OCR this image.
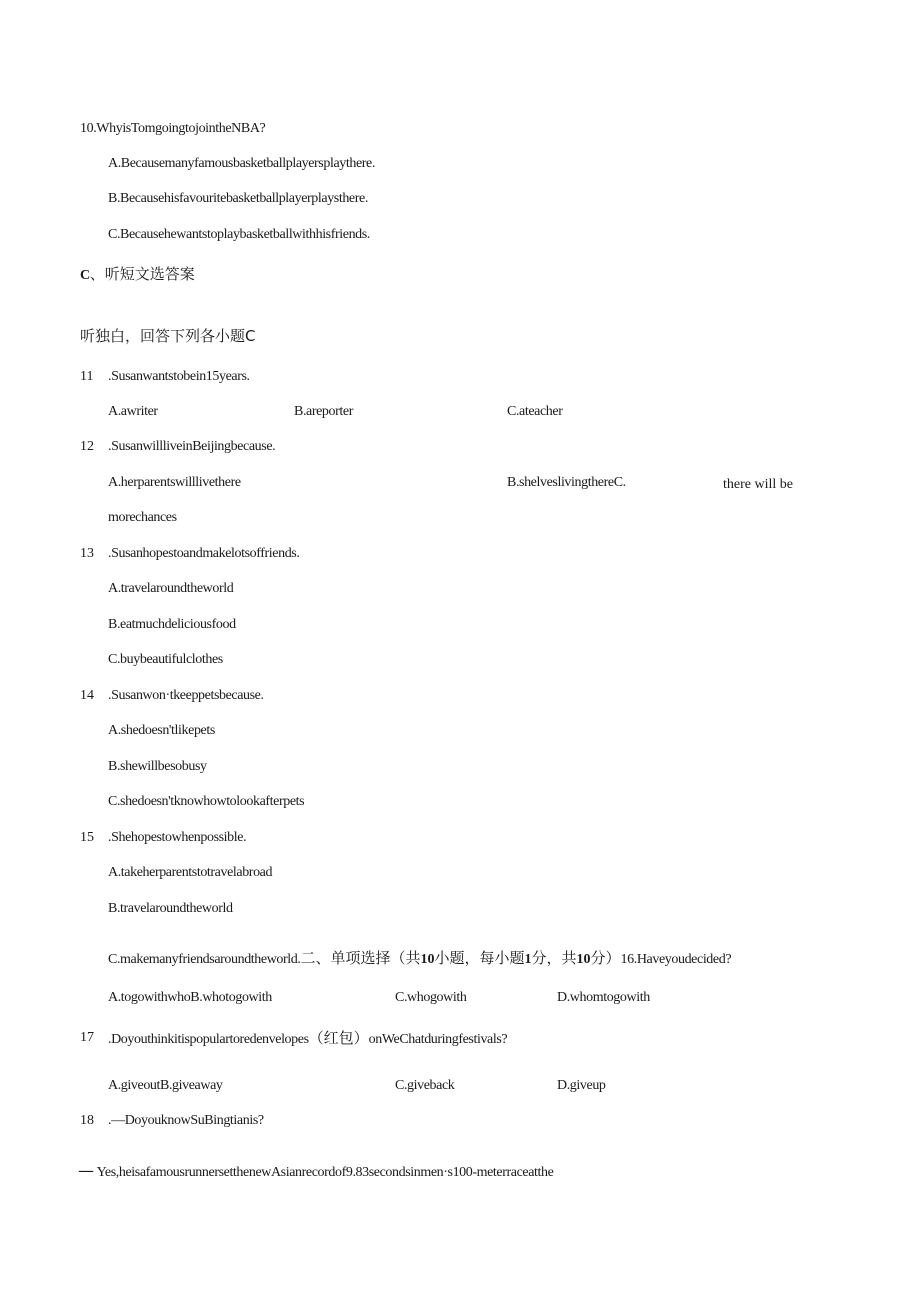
10.WhyisTomgoingtojointheNBA?
A.Becausemanyfamousbasketballplayersplaythere.
B.Becausehisfavouritebasketballplayerplaysthere.
C.Becausehewantstoplaybasketballwithhisfriends.
C、听短文选答案
听独白，回答下列各小题C
11 .Susanwantstobein15years.
A.awriter	B.areporter	C.ateacher
12 .SusanwillliveinBeijingbecause.
A.herparentswilllivethere	B.shelveslivingthereC.	there will be
morechances
13 .Susanhopestoandmakelotsoffriends.
A.travelaroundtheworld
B.eatmuchdeliciousfood
C.buybeautifulclothes
14 .Susanwon·tkeeppetsbecause.
A.shedoesn'tlikepets
B.shewillbesobusy
C.shedoesn'tknowhowtolookafterpets
15 .Shehopestowhenpossible.
A.takeherparentstotravelabroad
B.travelaroundtheworld
C.makemanyfriendsaroundtheworld.二、单项选择（共10小题，每小题1分，共10分）16.Haveyoudecided?
A.togowithwhoB.whotogowith	C.whogowith	D.whomtogowith
17 .Doyouthinkitispopulartoredenvelopes（红包）onWeChatduringfestivals?
A.giveoutB.giveaway	C.giveback	D.giveup
18 .—DoyouknowSuBingtianis?
— Yes,heisafamousrunnersetthenewAsianrecordof9.83secondsinmen·s100-meterraceatthe
